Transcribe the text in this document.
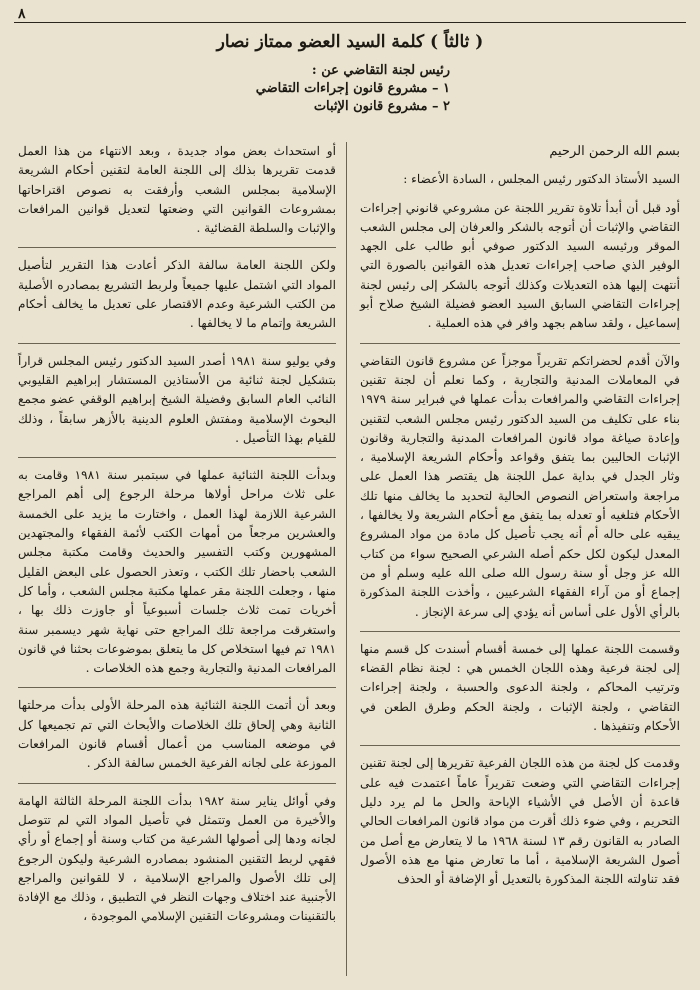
٨

( ثالثاً ) كلمة السيد العضو ممتاز نصار

رئيس لجنة التقاضي عن :
١ – مشروع قانون إجراءات التقاضي
٢ – مشروع قانون الإثبات

بسم الله الرحمن الرحيم

السيد الأستاذ الدكتور رئيس المجلس ، السادة الأعضاء :

أود قبل أن أبدأ تلاوة تقرير اللجنة عن مشروعي قانوني إجراءات التقاضي والإثبات أن أتوجه بالشكر والعرفان إلى مجلس الشعب الموقر ورئيسه السيد الدكتور صوفي أبو طالب على الجهد الوفير الذي صاحب إجراءات تعديل هذه القوانين بالصورة التي أنتهت إليها هذه التعديلات وكذلك أتوجه بالشكر إلى رئيس لجنة إجراءات التقاضي السابق السيد العضو فضيلة الشيخ صلاح أبو إسماعيل ، ولقد ساهم بجهد وافر في هذه العملية .

والآن أقدم لحضراتكم تقريراً موجزاً عن مشروع قانون التقاضي في المعاملات المدنية والتجارية ، وكما نعلم أن لجنة تقنين إجراءات التقاضي والمرافعات بدأت عملها في فبراير سنة ١٩٧٩ بناء على تكليف من السيد الدكتور رئيس مجلس الشعب لتقنين وإعادة صياغة مواد قانون المرافعات المدنية والتجارية وقانون الإثبات الحاليين بما يتفق وقواعد وأحكام الشريعة الإسلامية ، وثار الجدل في بداية عمل اللجنة هل يقتصر هذا العمل على مراجعة واستعراض النصوص الحالية لتحديد ما يخالف منها تلك الأحكام فتلغيه أو تعدله بما يتفق مع أحكام الشريعة ولا يخالفها ، يبقيه على حاله أم أنه يجب تأصيل كل مادة من مواد المشروع المعدل ليكون لكل حكم أصله الشرعي الصحيح سواء من كتاب الله عز وجل أو سنة رسول الله صلى الله عليه وسلم أو من إجماع أو من آراء الفقهاء الشرعيين ، وأخذت اللجنة المذكورة بالرأي الأول على أساس أنه يؤدي إلى سرعة الإنجاز .

وقسمت اللجنة عملها إلى خمسة أقسام أسندت كل قسم منها إلى لجنة فرعية وهذه اللجان الخمس هي : لجنة نظام القضاء وترتيب المحاكم ، ولجنة الدعوى والحسبة ، ولجنة إجراءات التقاضي ، ولجنة الإثبات ، ولجنة الحكم وطرق الطعن في الأحكام وتنفيذها .

وقدمت كل لجنة من هذه اللجان الفرعية تقريرها إلى لجنة تقنين إجراءات التقاضي التي وضعت تقريراً عاماً اعتمدت فيه على قاعدة أن الأصل في الأشياء الإباحة والحل ما لم يرد دليل التحريم ، وفي ضوء ذلك أقرت من مواد قانون المرافعات الحالي الصادر به القانون رقم ١٣ لسنة ١٩٦٨ ما لا يتعارض مع أصل من أصول الشريعة الإسلامية ، أما ما تعارض منها مع هذه الأصول فقد تناولته اللجنة المذكورة بالتعديل أو الإضافة أو الحذف

أو استحداث بعض مواد جديدة ، وبعد الانتهاء من هذا العمل قدمت تقريرها بذلك إلى اللجنة العامة لتقنين أحكام الشريعة الإسلامية بمجلس الشعب وأرفقت به نصوص اقتراحاتها بمشروعات القوانين التي وضعتها لتعديل قوانين المرافعات والإثبات والسلطة القضائية .

ولكن اللجنة العامة سالفة الذكر أعادت هذا التقرير لتأصيل المواد التي اشتمل عليها جميعاً ولربط التشريع بمصادره الأصلية من الكتب الشرعية وعدم الاقتصار على تعديل ما يخالف أحكام الشريعة وإتمام ما لا يخالفها .

وفي يوليو سنة ١٩٨١ أصدر السيد الدكتور رئيس المجلس قراراً بتشكيل لجنة ثنائية من الأستاذين المستشار إبراهيم القليوبي النائب العام السابق وفضيلة الشيخ إبراهيم الوقفي عضو مجمع البحوث الإسلامية ومفتش العلوم الدينية بالأزهر سابقاً ، وذلك للقيام بهذا التأصيل .

وبدأت اللجنة الثنائية عملها في سبتمبر سنة ١٩٨١ وقامت به على ثلاث مراحل أولاها مرحلة الرجوع إلى أهم المراجع الشرعية اللازمة لهذا العمل ، واختارت ما يزيد على الخمسة والعشرين مرجعاً من أمهات الكتب لأئمة الفقهاء والمجتهدين المشهورين وكتب التفسير والحديث وقامت مكتبة مجلس الشعب باحضار تلك الكتب ، وتعذر الحصول على البعض القليل منها ، وجعلت اللجنة مقر عملها مكتبة مجلس الشعب ، وأما كل أخريات تمت ثلاث جلسات أسبوعياً أو جاوزت ذلك بها ، واستغرقت مراجعة تلك المراجع حتى نهاية شهر ديسمبر سنة ١٩٨١ تم فيها استخلاص كل ما يتعلق بموضوعات بحثنا في قانون المرافعات المدنية والتجارية وجمع هذه الخلاصات .

وبعد أن أتمت اللجنة الثنائية هذه المرحلة الأولى بدأت مرحلتها الثانية وهي إلحاق تلك الخلاصات والأبحاث التي تم تجميعها كل في موضعه المناسب من أعمال أقسام قانون المرافعات الموزعة على لجانه الفرعية الخمس سالفة الذكر .

وفي أوائل يناير سنة ١٩٨٢ بدأت اللجنة المرحلة الثالثة الهامة والأخيرة من العمل وتتمثل في تأصيل المواد التي لم تتوصل لجانه ودها إلى أصولها الشرعية من كتاب وسنة أو إجماع أو رأي فقهي لربط التقنين المنشود بمصادره الشرعية وليكون الرجوع إلى تلك الأصول والمراجع الإسلامية ، لا للقوانين والمراجع الأجنبية عند اختلاف وجهات النظر في التطبيق ، وذلك مع الإفادة بالتقنينات ومشروعات التقنين الإسلامي الموجودة ،
